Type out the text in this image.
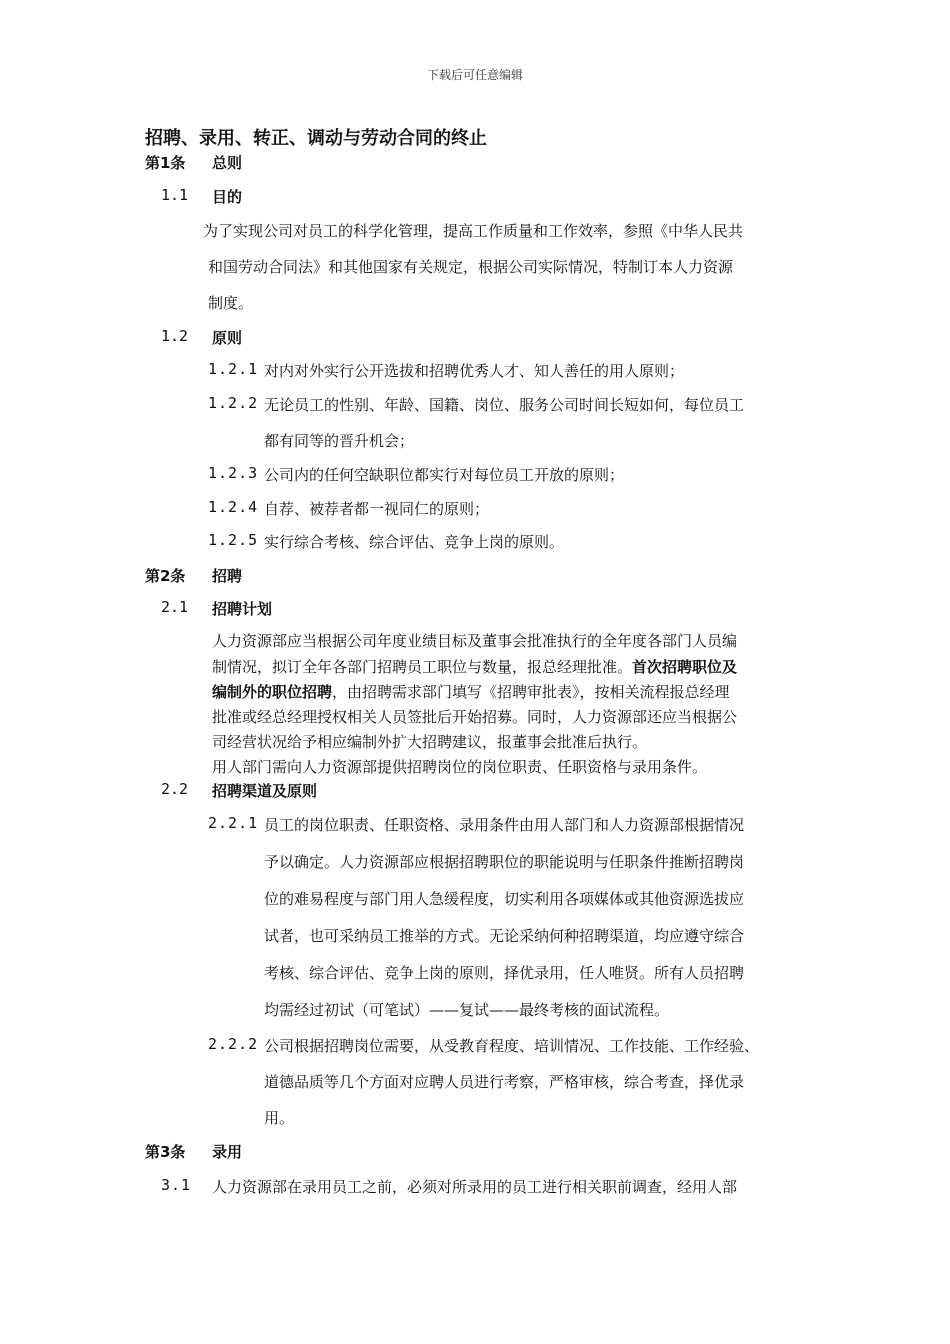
下载后可任意编辑
招聘、录用、转正、调动与劳动合同的终止
第1条 总则
1.1 目的
为了实现公司对员工的科学化管理，提高工作质量和工作效率，参照《中华人民共
和国劳动合同法》和其他国家有关规定，根据公司实际情况，特制订本人力资源
制度。
1.2 原则
1.2.1 对内对外实行公开选拔和招聘优秀人才、知人善任的用人原则；
1.2.2 无论员工的性别、年龄、国籍、岗位、服务公司时间长短如何，每位员工
都有同等的晋升机会；
1.2.3 公司内的任何空缺职位都实行对每位员工开放的原则；
1.2.4 自荐、被荐者都一视同仁的原则；
1.2.5 实行综合考核、综合评估、竞争上岗的原则。
第2条 招聘
2.1 招聘计划
人力资源部应当根据公司年度业绩目标及董事会批准执行的全年度各部门人员编
制情况，拟订全年各部门招聘员工职位与数量，报总经理批准。首次招聘职位及
编制外的职位招聘，由招聘需求部门填写《招聘审批表》，按相关流程报总经理
批准或经总经理授权相关人员签批后开始招募。同时，人力资源部还应当根据公
司经营状况给予相应编制外扩大招聘建议，报董事会批准后执行。
用人部门需向人力资源部提供招聘岗位的岗位职责、任职资格与录用条件。
2.2 招聘渠道及原则
2.2.1 员工的岗位职责、任职资格、录用条件由用人部门和人力资源部根据情况
予以确定。人力资源部应根据招聘职位的职能说明与任职条件推断招聘岗
位的难易程度与部门用人急缓程度，切实利用各项媒体或其他资源选拔应
试者，也可采纳员工推举的方式。无论采纳何种招聘渠道，均应遵守综合
考核、综合评估、竞争上岗的原则，择优录用，任人唯贤。所有人员招聘
均需经过初试（可笔试）——复试——最终考核的面试流程。
2.2.2 公司根据招聘岗位需要，从受教育程度、培训情况、工作技能、工作经验、
道德品质等几个方面对应聘人员进行考察，严格审核，综合考查，择优录
用。
第3条 录用
3.1 人力资源部在录用员工之前，必须对所录用的员工进行相关职前调查，经用人部
